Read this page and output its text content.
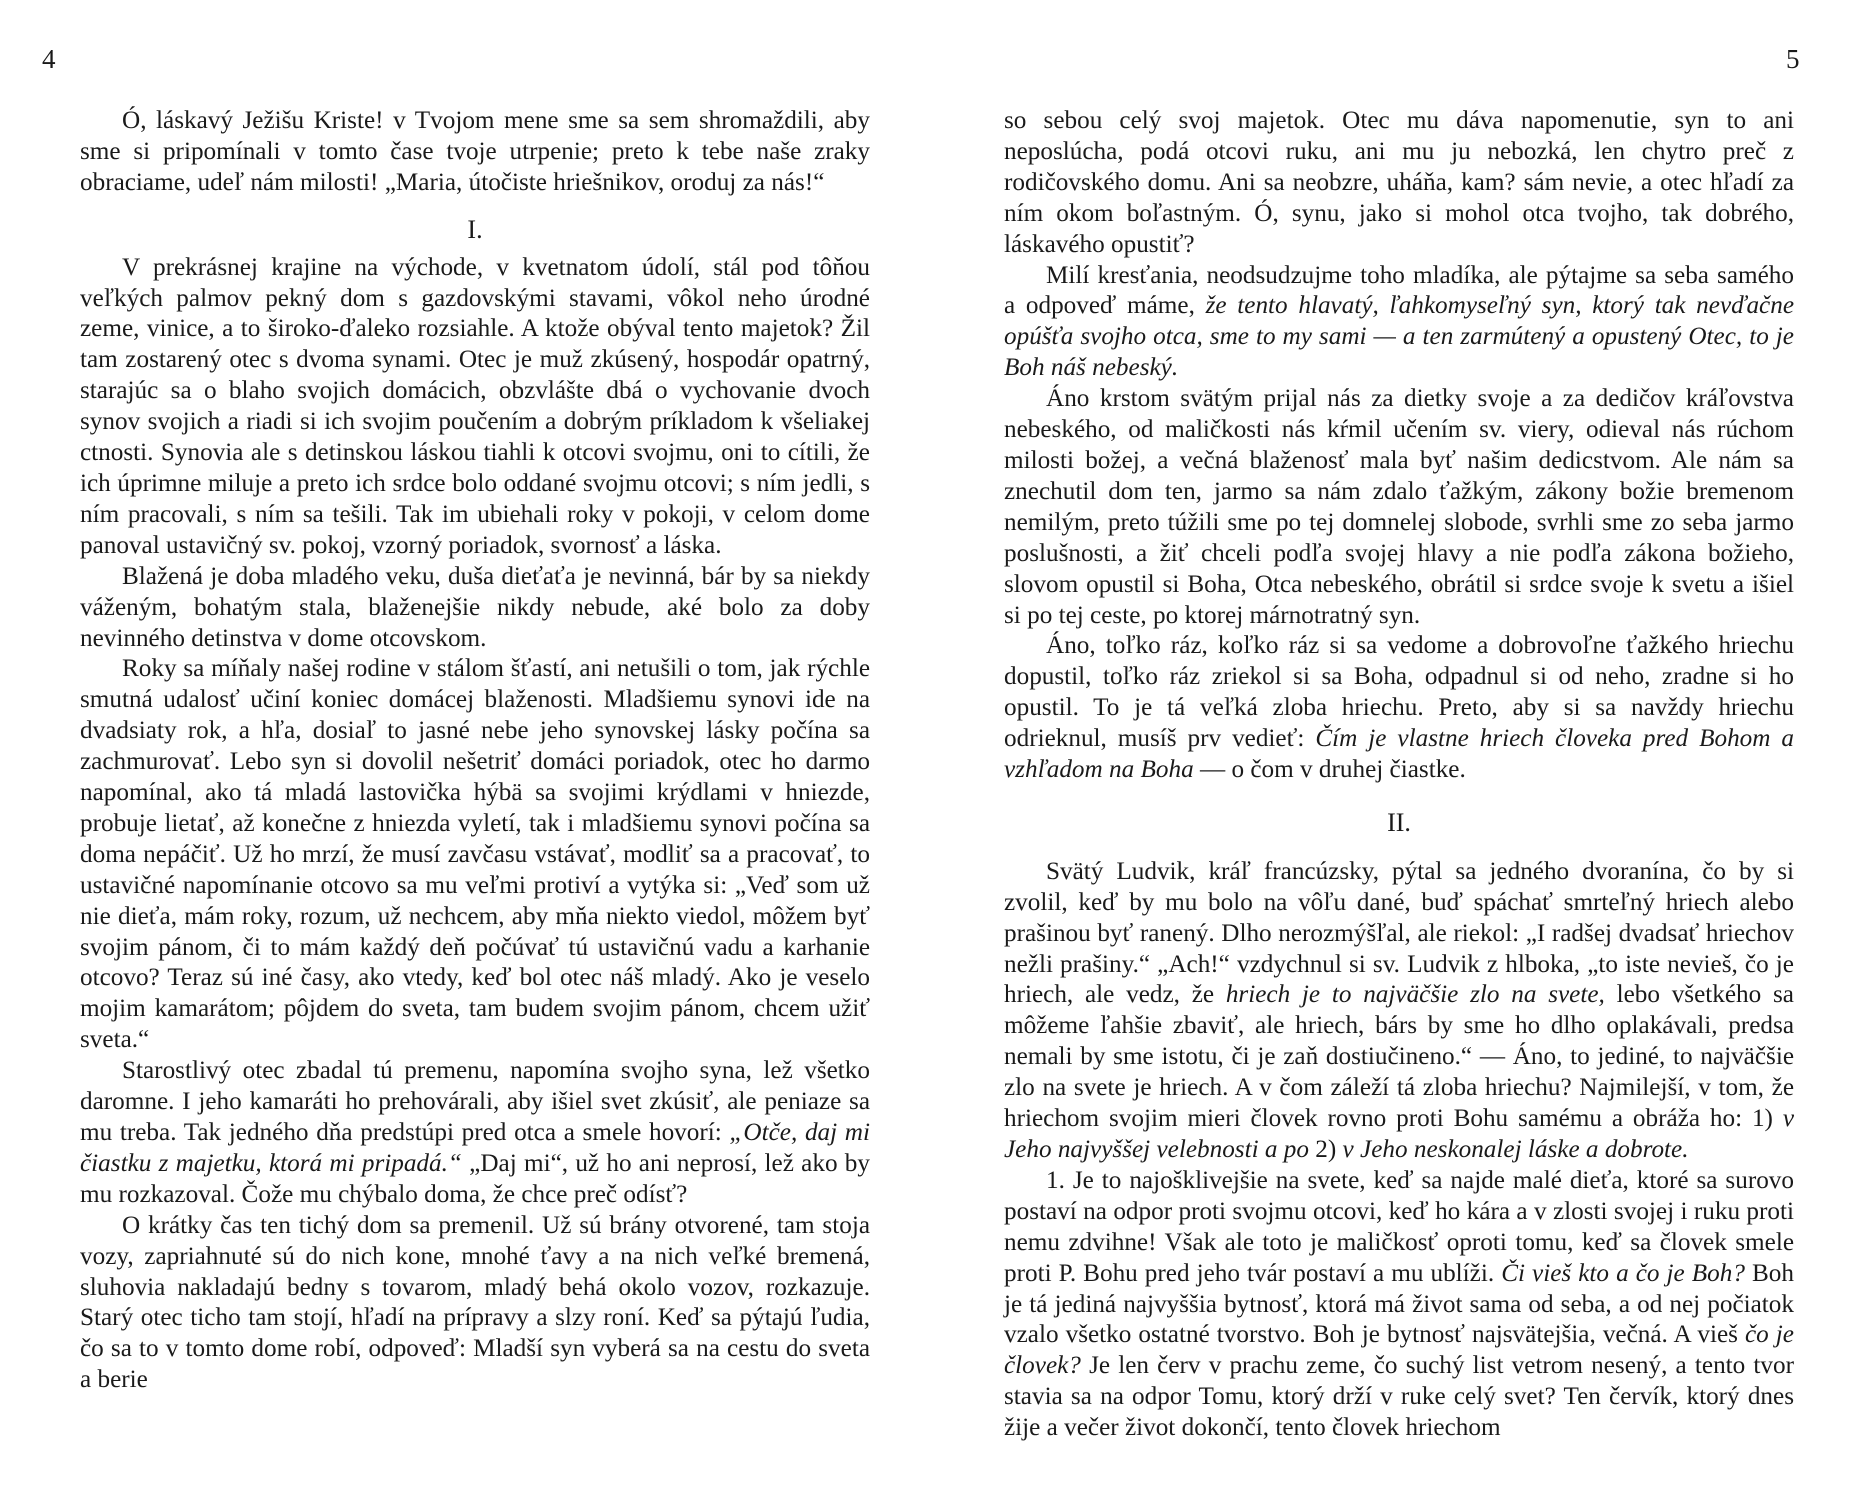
4	5

Ó, láskavý Ježišu Kriste! v Tvojom mene sme sa sem shromaždili, aby sme si pripomínali v tomto čase tvoje utrpenie; preto k tebe naše zraky obraciame, udeľ nám milosti! „Maria, útočiste hriešnikov, oroduj za nás!“

I.

V prekrásnej krajine na východe, v kvetnatom údolí, stál pod tôňou veľkých palmov pekný dom s gazdovskými stavami, vôkol neho úrodné zeme, vinice, a to široko-ďaleko rozsiahle. A ktože obýval tento majetok? Žil tam zostarený otec s dvoma synami. Otec je muž zkúsený, hospodár opatrný, starajúc sa o blaho svojich domácich, obzvlášte dbá o vychovanie dvoch synov svojich a riadi si ich svojim poučením a dobrým príkladom k všeliakej ctnosti. Synovia ale s detinskou láskou tiahli k otcovi svojmu, oni to cítili, že ich úprimne miluje a preto ich srdce bolo oddané svojmu otcovi; s ním jedli, s ním pracovali, s ním sa tešili. Tak im ubiehali roky v pokoji, v celom dome panoval ustavičný sv. pokoj, vzorný poriadok, svornosť a láska.

Blažená je doba mladého veku, duša dieťaťa je nevinná, bár by sa niekdy váženým, bohatým stala, blaženejšie nikdy nebude, aké bolo za doby nevinného detinstva v dome otcovskom.

Roky sa míňaly našej rodine v stálom šťastí, ani netušili o tom, jak rýchle smutná udalosť učiní koniec domácej blaženosti. Mladšiemu synovi ide na dvadsiaty rok, a hľa, dosiaľ to jasné nebe jeho synovskej lásky počína sa zachmurovať. Lebo syn si dovolil nešetriť domáci poriadok, otec ho darmo napomínal, ako tá mladá lastovička hýbä sa svojimi krýdlami v hniezde, probuje lietať, až konečne z hniezda vyletí, tak i mladšiemu synovi počína sa doma nepáčiť. Už ho mrzí, že musí zavčasu vstávať, modliť sa a pracovať, to ustavičné napomínanie otcovo sa mu veľmi protiví a vytýka si: „Veď som už nie dieťa, mám roky, rozum, už nechcem, aby mňa niekto viedol, môžem byť svojim pánom, či to mám každý deň počúvať tú ustavičnú vadu a karhanie otcovo? Teraz sú iné časy, ako vtedy, keď bol otec náš mladý. Ako je veselo mojim kamarátom; pôjdem do sveta, tam budem svojim pánom, chcem užiť sveta.“

Starostlivý otec zbadal tú premenu, napomína svojho syna, lež všetko daromne. I jeho kamaráti ho prehovárali, aby išiel svet zkúsiť, ale peniaze sa mu treba. Tak jedného dňa predstúpi pred otca a smele hovorí: „Otče, daj mi čiastku z majetku, ktorá mi pripadá.“ „Daj mi“, už ho ani neprosí, lež ako by mu rozkazoval. Čože mu chýbalo doma, že chce preč odísť?

O krátky čas ten tichý dom sa premenil. Už sú brány otvorené, tam stoja vozy, zapriahnuté sú do nich kone, mnohé ťavy a na nich veľké bremená, sluhovia nakladajú bedny s tovarom, mladý behá okolo vozov, rozkazuje. Starý otec ticho tam stojí, hľadí na prípravy a slzy roní. Keď sa pýtajú ľudia, čo sa to v tomto dome robí, odpoveď: Mladší syn vyberá sa na cestu do sveta a berie

so sebou celý svoj majetok. Otec mu dáva napomenutie, syn to ani neposlúcha, podá otcovi ruku, ani mu ju nebozká, len chytro preč z rodičovského domu. Ani sa neobzre, uháňa, kam? sám nevie, a otec hľadí za ním okom boľastným. Ó, synu, jako si mohol otca tvojho, tak dobrého, láskavého opustiť?

Milí kresťania, neodsudzujme toho mladíka, ale pýtajme sa seba samého a odpoveď máme, že tento hlavatý, ľahkomyseľný syn, ktorý tak nevďačne opúšťa svojho otca, sme to my sami — a ten zarmútený a opustený Otec, to je Boh náš nebeský.

Áno krstom svätým prijal nás za dietky svoje a za dedičov kráľovstva nebeského, od maličkosti nás kŕmil učením sv. viery, odieval nás rúchom milosti božej, a večná blaženosť mala byť našim dedicstvom. Ale nám sa znechutil dom ten, jarmo sa nám zdalo ťažkým, zákony božie bremenom nemilým, preto túžili sme po tej domnelej slobode, svrhli sme zo seba jarmo poslušnosti, a žiť chceli podľa svojej hlavy a nie podľa zákona božieho, slovom opustil si Boha, Otca nebeského, obrátil si srdce svoje k svetu a išiel si po tej ceste, po ktorej márnotratný syn.

Áno, toľko ráz, koľko ráz si sa vedome a dobrovoľne ťažkého hriechu dopustil, toľko ráz zriekol si sa Boha, odpadnul si od neho, zradne si ho opustil. To je tá veľká zloba hriechu. Preto, aby si sa navždy hriechu odrieknul, musíš prv vedieť: Čím je vlastne hriech človeka pred Bohom a vzhľadom na Boha — o čom v druhej čiastke.

II.

Svätý Ludvik, kráľ francúzsky, pýtal sa jedného dvoranína, čo by si zvolil, keď by mu bolo na vôľu dané, buď spáchať smrteľný hriech alebo prašinou byť ranený. Dlho nerozmýšľal, ale riekol: „I radšej dvadsať hriechov nežli prašiny.“ „Ach!“ vzdychnul si sv. Ludvik z hlboka, „to iste nevieš, čo je hriech, ale vedz, že hriech je to najväčšie zlo na svete, lebo všetkého sa môžeme ľahšie zbaviť, ale hriech, bárs by sme ho dlho oplakávali, predsa nemali by sme istotu, či je zaň dostiučineno.“ — Áno, to jediné, to najväčšie zlo na svete je hriech. A v čom záleží tá zloba hriechu? Najmilejší, v tom, že hriechom svojim mieri človek rovno proti Bohu samému a obráža ho: 1) v Jeho najvyššej velebnosti a po 2) v Jeho neskonalej láske a dobrote.

1. Je to najošklivejšie na svete, keď sa najde malé dieťa, ktoré sa surovo postaví na odpor proti svojmu otcovi, keď ho kára a v zlosti svojej i ruku proti nemu zdvihne! Však ale toto je maličkosť oproti tomu, keď sa človek smele proti P. Bohu pred jeho tvár postaví a mu ublíži. Či vieš kto a čo je Boh? Boh je tá jediná najvyššia bytnosť, ktorá má život sama od seba, a od nej počiatok vzalo všetko ostatné tvorstvo. Boh je bytnosť najsvätejšia, večná. A vieš čo je človek? Je len červ v prachu zeme, čo suchý list vetrom nesený, a tento tvor stavia sa na odpor Tomu, ktorý drží v ruke celý svet? Ten červík, ktorý dnes žije a večer život dokončí, tento človek hriechom
